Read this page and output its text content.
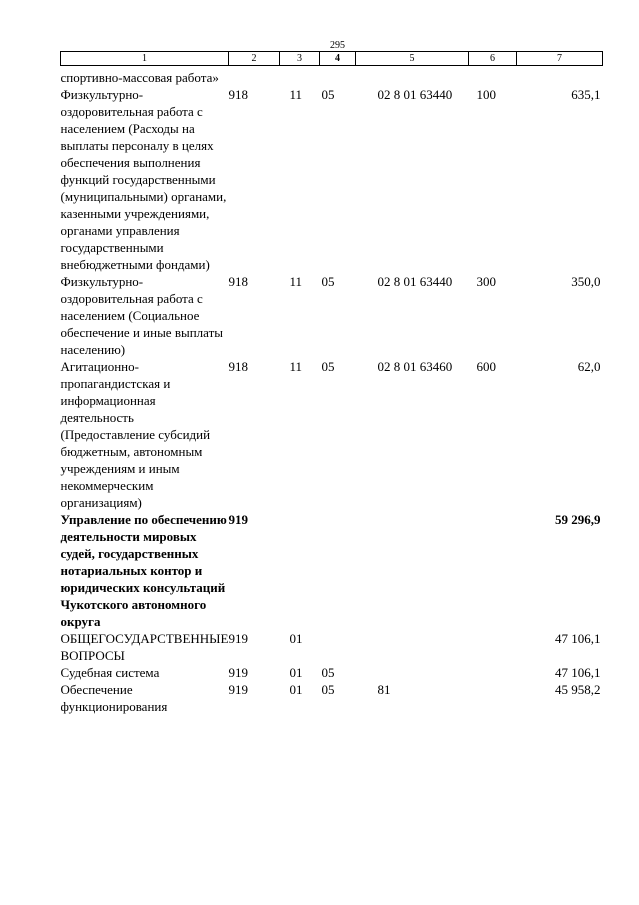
295
1	2	3	4	5	6	7
спортивно-массовая работа»						
Физкультурно-оздоровительная работа с населением (Расходы на выплаты персоналу в целях обеспечения выполнения функций государственными (муниципальными) органами, казенными учреждениями, органами управления государственными внебюджетными фондами)	918	11	05	02 8 01 63440	100	635,1
Физкультурно-оздоровительная работа с населением (Социальное обеспечение и иные выплаты населению)	918	11	05	02 8 01 63440	300	350,0
Агитационно-пропагандистская и информационная деятельность (Предоставление субсидий бюджетным, автономным учреждениям и иным некоммерческим организациям)	918	11	05	02 8 01 63460	600	62,0
Управление по обеспечению деятельности мировых судей, государственных нотариальных контор и юридических консультаций Чукотского автономного округа	919					59 296,9
ОБЩЕГОСУДАРСТВЕННЫЕ ВОПРОСЫ	919	01				47 106,1
Судебная система	919	01	05			47 106,1
Обеспечение функционирования	919	01	05	81		45 958,2
